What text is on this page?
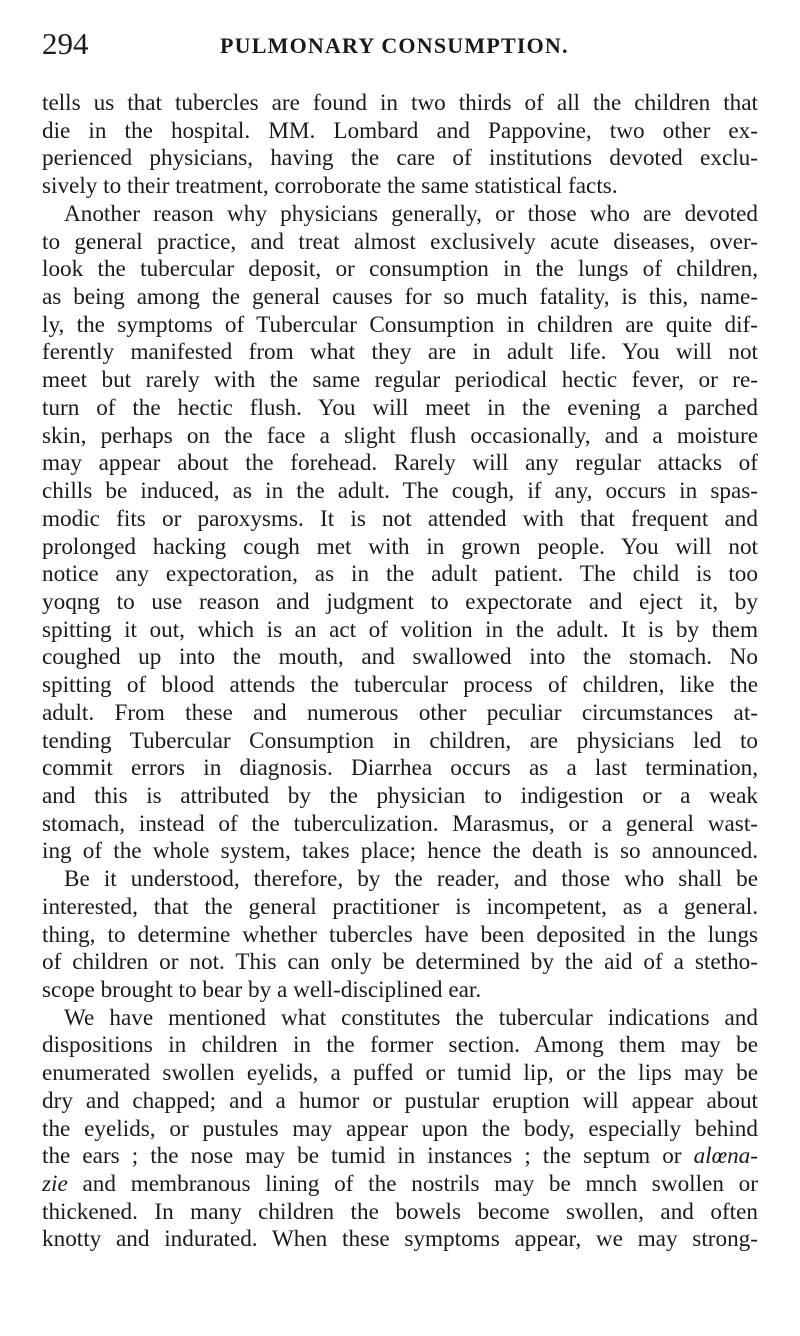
294	PULMONARY CONSUMPTION.
tells us that tubercles are found in two thirds of all the children that
die in the hospital. MM. Lombard and Pappovine, two other ex-
perienced physicians, having the care of institutions devoted exclu-
sively to their treatment, corroborate the same statistical facts.
Another reason why physicians generally, or those who are devoted
to general practice, and treat almost exclusively acute diseases, over-
look the tubercular deposit, or consumption in the lungs of children,
as being among the general causes for so much fatality, is this, name-
ly, the symptoms of Tubercular Consumption in children are quite dif-
ferently manifested from what they are in adult life. You will not
meet but rarely with the same regular periodical hectic fever, or re-
turn of the hectic flush. You will meet in the evening a parched
skin, perhaps on the face a slight flush occasionally, and a moisture
may appear about the forehead. Rarely will any regular attacks of
chills be induced, as in the adult. The cough, if any, occurs in spas-
modic fits or paroxysms. It is not attended with that frequent and
prolonged hacking cough met with in grown people. You will not
notice any expectoration, as in the adult patient. The child is too
yoqng to use reason and judgment to expectorate and eject it, by
spitting it out, which is an act of volition in the adult. It is by them
coughed up into the mouth, and swallowed into the stomach. No
spitting of blood attends the tubercular process of children, like the
adult. From these and numerous other peculiar circumstances at-
tending Tubercular Consumption in children, are physicians led to
commit errors in diagnosis. Diarrhea occurs as a last termination,
and this is attributed by the physician to indigestion or a weak
stomach, instead of the tuberculization. Marasmus, or a general wast-
ing of the whole system, takes place; hence the death is so announced.
Be it understood, therefore, by the reader, and those who shall be
interested, that the general practitioner is incompetent, as a general.
thing, to determine whether tubercles have been deposited in the lungs
of children or not. This can only be determined by the aid of a stetho-
scope brought to bear by a well-disciplined ear.
We have mentioned what constitutes the tubercular indications and
dispositions in children in the former section. Among them may be
enumerated swollen eyelids, a puffed or tumid lip, or the lips may be
dry and chapped; and a humor or pustular eruption will appear about
the eyelids, or pustules may appear upon the body, especially behind
the ears ; the nose may be tumid in instances ; the septum or alœna-
zie and membranous lining of the nostrils may be mnch swollen or
thickened. In many children the bowels become swollen, and often
knotty and indurated. When these symptoms appear, we may strong-
